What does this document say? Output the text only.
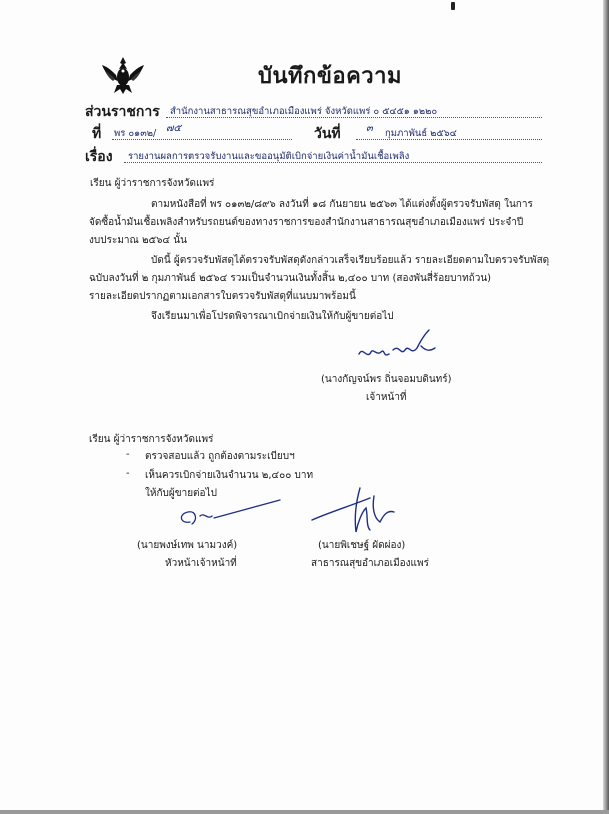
บันทึกข้อความ
ส่วนราชการ สำนักงานสาธารณสุขอำเภอเมืองแพร่ จังหวัดแพร่ ๐ ๕๔๕๑ ๑๒๒๐
ที่ พร ๐๑๓๒/ ๗๕	วันที่	๓ กุมภาพันธ์ ๒๕๖๔
เรื่อง รายงานผลการตรวจรับงานและขออนุมัติเบิกจ่ายเงินค่าน้ำมันเชื้อเพลิง
เรียน ผู้ว่าราชการจังหวัดแพร่
ตามหนังสือที่ พร ๐๑๓๒/๘๙๖ ลงวันที่ ๑๘ กันยายน ๒๕๖๓ ได้แต่งตั้งผู้ตรวจรับพัสดุ ในการ
จัดซื้อน้ำมันเชื้อเพลิงสำหรับรถยนต์ของทางราชการของสำนักงานสาธารณสุขอำเภอเมืองแพร่ ประจำปี
งบประมาณ ๒๕๖๔ นั้น
บัดนี้ ผู้ตรวจรับพัสดุได้ตรวจรับพัสดุดังกล่าวเสร็จเรียบร้อยแล้ว รายละเอียดตามใบตรวจรับพัสดุ
ฉบับลงวันที่ ๒ กุมภาพันธ์ ๒๕๖๔ รวมเป็นจำนวนเงินทั้งสิ้น ๒,๔๐๐ บาท (สองพันสี่ร้อยบาทถ้วน)
รายละเอียดปรากฏตามเอกสารใบตรวจรับพัสดุที่แนบมาพร้อมนี้
จึงเรียนมาเพื่อโปรดพิจารณาเบิกจ่ายเงินให้กับผู้ขายต่อไป
(นางกัญจน์พร ถิ่นจอมบดินทร์)
เจ้าหน้าที่
เรียน ผู้ว่าราชการจังหวัดแพร่
- ตรวจสอบแล้ว ถูกต้องตามระเบียบฯ
- เห็นควรเบิกจ่ายเงินจำนวน ๒,๔๐๐ บาท
ให้กับผู้ขายต่อไป
(นายพงษ์เทพ นามวงค์)
หัวหน้าเจ้าหน้าที่
(นายพิเชษฐ์ ผัดผ่อง)
สาธารณสุขอำเภอเมืองแพร่
